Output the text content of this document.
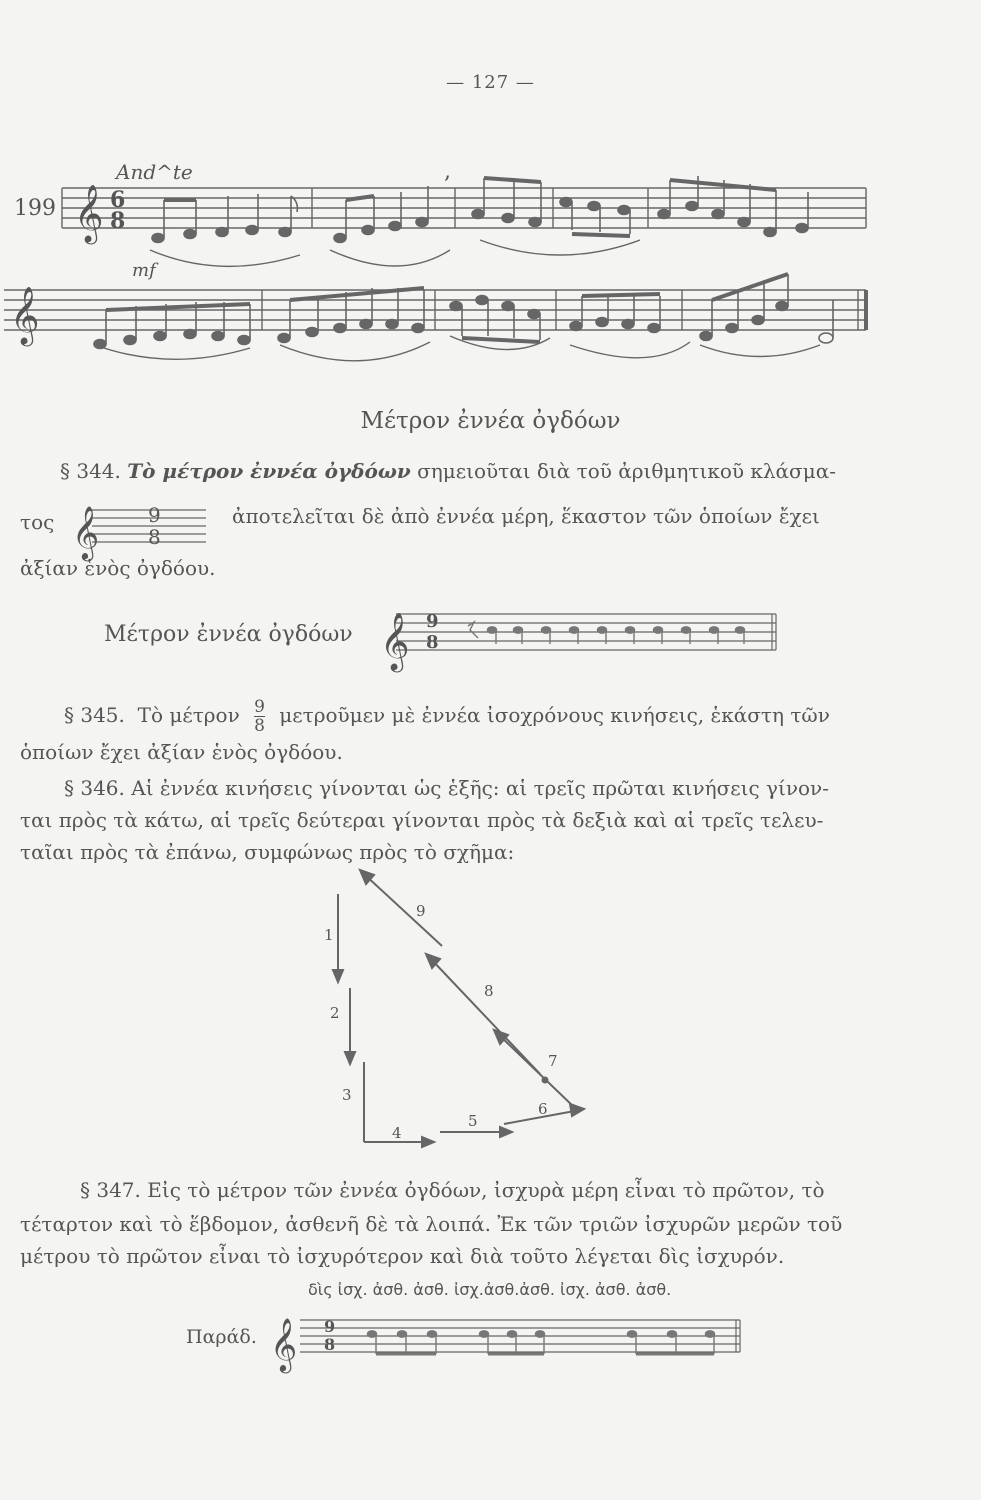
— 127 —
199
And^te
mf
𝄞 6
8
𝄞
,
𝄞 9
8
𝄞 9
8
1
2
3
4
5
6
7
8
9
𝄞 9
8
Μέτρον ἐννέα ὀγδόων
§ 344. Τὸ μέτρον ἐννέα ὀγδόων σημειοῦται διὰ τοῦ ἀριθμητικοῦ κλάσμα-
τος	ἀποτελεῖται δὲ ἀπὸ ἐννέα μέρη, ἕκαστον τῶν ὁποίων ἔχει
ἀξίαν ἑνὸς ὀγδόου.
Μέτρον ἐννέα ὀγδόων
§ 345. Τὸ μέτρον $\frac{9}{8}$ μετροῦμεν μὲ ἐννέα ἰσοχρόνους κινήσεις, ἑκάστη τῶν
ὁποίων ἔχει ἀξίαν ἑνὸς ὀγδόου.
§ 346. Αἱ ἐννέα κινήσεις γίνονται ὡς ἑξῆς: αἱ τρεῖς πρῶται κινήσεις γίνον-
ται πρὸς τὰ κάτω, αἱ τρεῖς δεύτεραι γίνονται πρὸς τὰ δεξιὰ καὶ αἱ τρεῖς τελευ-
ταῖαι πρὸς τὰ ἐπάνω, συμφώνως πρὸς τὸ σχῆμα:
§ 347. Εἰς τὸ μέτρον τῶν ἐννέα ὀγδόων, ἰσχυρὰ μέρη εἶναι τὸ πρῶτον, τὸ
τέταρτον καὶ τὸ ἕβδομον, ἀσθενῆ δὲ τὰ λοιπά. Ἐκ τῶν τριῶν ἰσχυρῶν μερῶν τοῦ
μέτρου τὸ πρῶτον εἶναι τὸ ἰσχυρότερον καὶ διὰ τοῦτο λέγεται δὶς ἰσχυρόν.
δὶς ἰσχ. ἀσθ. ἀσθ. ἰσχ.ἀσθ.ἀσθ. ἰσχ. ἀσθ. ἀσθ.
Παράδ.
